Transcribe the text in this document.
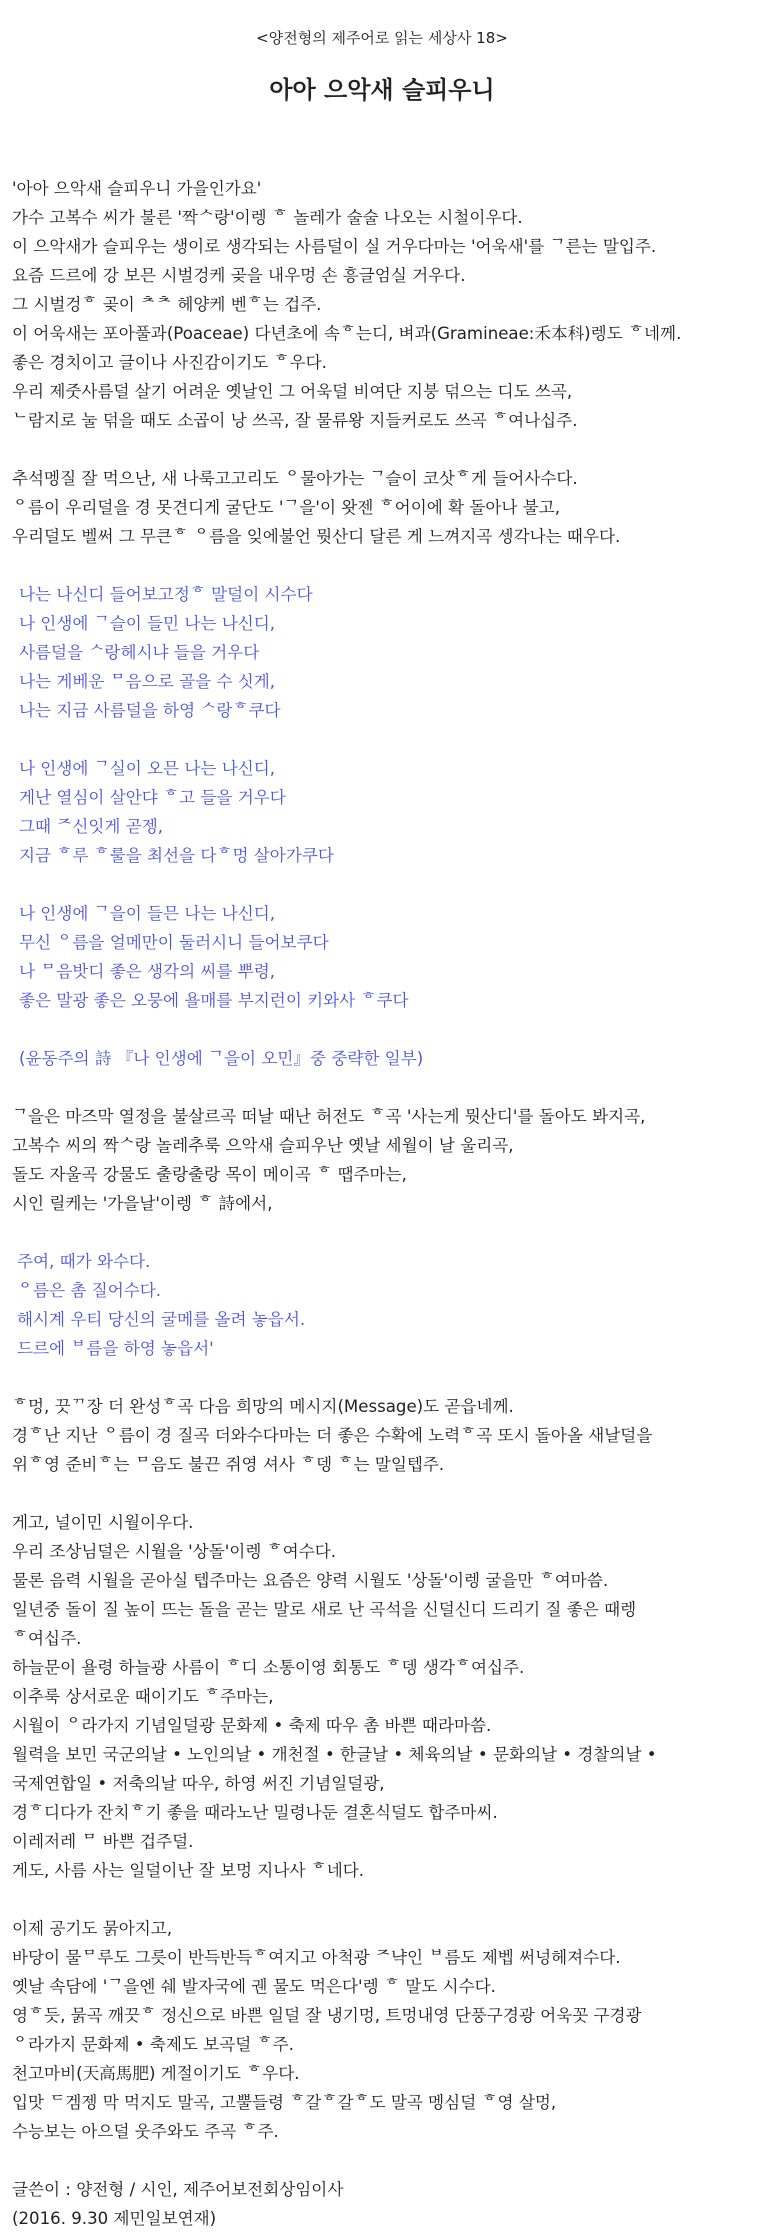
<양전형의 제주어로 읽는 세상사 18>

아아 으악새 슬피우니
'아아 으악새 슬피우니 가을인가요'
가수 고복수 씨가 불른 '짝ᄉ랑'이렝 ᄒ 놀레가 술술 나오는 시철이우다.
이 으악새가 슬피우는 생이로 생각되는 사름덜이 실 거우다마는 '어욱새'를 ᄀ른는 말입주.
요즘 드르에 강 보믄 시벌겅케 곶을 내우멍 손 흥글엄실 거우다.
그 시벌겅ᄒ 곶이 ᄎᄎ 헤양케 벤ᄒ는 겁주.
이 어욱새는 포아풀과(Poaceae) 다년초에 속ᄒ는디, 벼과(Gramineae:禾本科)렝도 ᄒ네께.
좋은 경치이고 글이나 사진감이기도 ᄒ우다.
우리 제줏사름덜 살기 어려운 옛날인 그 어욱덜 비여단 지붕 덖으는 디도 쓰곡,
ᄂ람지로 눌 덖을 때도 소곱이 낭 쓰곡, 잘 물류왕 지들커로도 쓰곡 ᄒ여나십주.
추석멩질 잘 먹으난, 새 나룩고고리도 ᄋ물아가는 ᄀ슬이 코삿ᄒ게 들어사수다.
ᄋ름이 우리덜을 경 못견디게 굴단도 'ᄀ을'이 왓젠 ᄒ어이에 확 돌아나 불고,
우리덜도 벨써 그 무큰ᄒ ᄋ름을 잊에불언 뭣산디 달른 게 느껴지곡 셍각나는 때우다.
나는 나신디 들어보고정ᄒ 말덜이 시수다
나 인생에 ᄀ슬이 들민 나는 나신디,
사름덜을 ᄉ랑헤시냐 들을 거우다
나는 게베운 ᄆ음으로 골을 수 싯게,
나는 지금 사름덜을 하영 ᄉ랑ᄒ쿠다
나 인생에 ᄀ실이 오믄 나는 나신디,
게난 열심이 살안댜 ᄒ고 들을 거우다
그때 ᄌ신잇게 곧젱,
지금 ᄒ루 ᄒ룰을 최선을 다ᄒ멍 살아가쿠다
나 인생에 ᄀ을이 들믄 나는 나신디,
무신 ᄋ름을 얼메만이 둘러시니 들어보쿠다
나 ᄆ음밧디 좋은 생각의 씨를 뿌령,
좋은 말광 좋은 오뭉에 욜매를 부지런이 키와사 ᄒ쿠다
(윤동주의 詩 『나 인생에 ᄀ을이 오민』중 중략한 일부)
ᄀ을은 마즈막 열정을 불살르곡 떠날 때난 허전도 ᄒ곡 '사는게 뭣산디'를 돌아도 봐지곡,
고복수 씨의 짝ᄉ랑 놀레추룩 으악새 슬피우난 옛날 세월이 날 울리곡,
돌도 자울곡 강물도 출랑출랑 목이 메이곡 ᄒ 땝주마는,
시인 릴케는 '가을날'이렝 ᄒ 詩에서,
주여, 때가 와수다.
ᄋ름은 촘 질어수다.
해시계 우티 당신의 굴메를 올려 놓읍서.
드르에 ᄇ름을 하영 놓읍서'
ᄒ멍, 끗ᄁ장 더 완성ᄒ곡 다음 희망의 메시지(Message)도 곧읍네께.
경ᄒ난 지난 ᄋ름이 경 질곡 더와수다마는 더 좋은 수확에 노력ᄒ곡 또시 돌아올 새날덜을
위ᄒ영 준비ᄒ는 ᄆ음도 불끈 쥐영 셔사 ᄒ뎅 ᄒ는 말일텝주.
게고, 널이민 시월이우다.
우리 조상님덜은 시월을 '상돌'이렝 ᄒ여수다.
물론 음력 시월을 곧아실 텝주마는 요즘은 양력 시월도 '상돌'이렝 굴을만 ᄒ여마씀.
일년중 돌이 질 높이 뜨는 돌을 곧는 말로 새로 난 곡석을 신덜신디 드리기 질 좋은 때렝
ᄒ여십주.
하늘문이 욜령 하늘광 사름이 ᄒ디 소통이영 회통도 ᄒ뎅 생각ᄒ여십주.
이추룩 상서로운 때이기도 ᄒ주마는,
시월이 ᄋ라가지 기념일덜광 문화제 • 축제 따우 촘 바쁜 때라마씀.
월력을 보민 국군의날 • 노인의날 • 개천절 • 한글날 • 체육의날 • 문화의날 • 경찰의날 •
국제연합일 • 저축의날 따우, 하영 써진 기념일덜광,
경ᄒ디다가 잔치ᄒ기 좋을 때라노난 밀령나둔 결혼식덜도 합주마씨.
이레저레 ᄆ 바쁜 겁주덜.
게도, 사름 사는 일덜이난 잘 보멍 지나사 ᄒ네다.
이제 공기도 묽아지고,
바당이 물ᄆ루도 그릇이 반득반득ᄒ여지고 아척광 ᄌ냑인 ᄇ름도 제벱 써넝헤져수다.
옛날 속담에 'ᄀ을엔 쉐 발자국에 궨 물도 먹은다'렝 ᄒ 말도 시수다.
영ᄒ듯, 묽곡 깨끗ᄒ 정신으로 바쁜 일덜 잘 냉기멍, 트멍내영 단풍구경광 어욱꼿 구경광
ᄋ라가지 문화제 • 축제도 보곡덜 ᄒ주.
천고마비(天高馬肥) 게절이기도 ᄒ우다.
입맛 ᄃ겜젱 막 먹지도 말곡, 고뿔들령 ᄒ갈ᄒ갈ᄒ도 말곡 멩심덜 ᄒ영 살멍,
수능보는 아으덜 웃주와도 주곡 ᄒ주.
글쓴이 : 양전형 / 시인, 제주어보전회상임이사
(2016. 9.30 제민일보연재)
